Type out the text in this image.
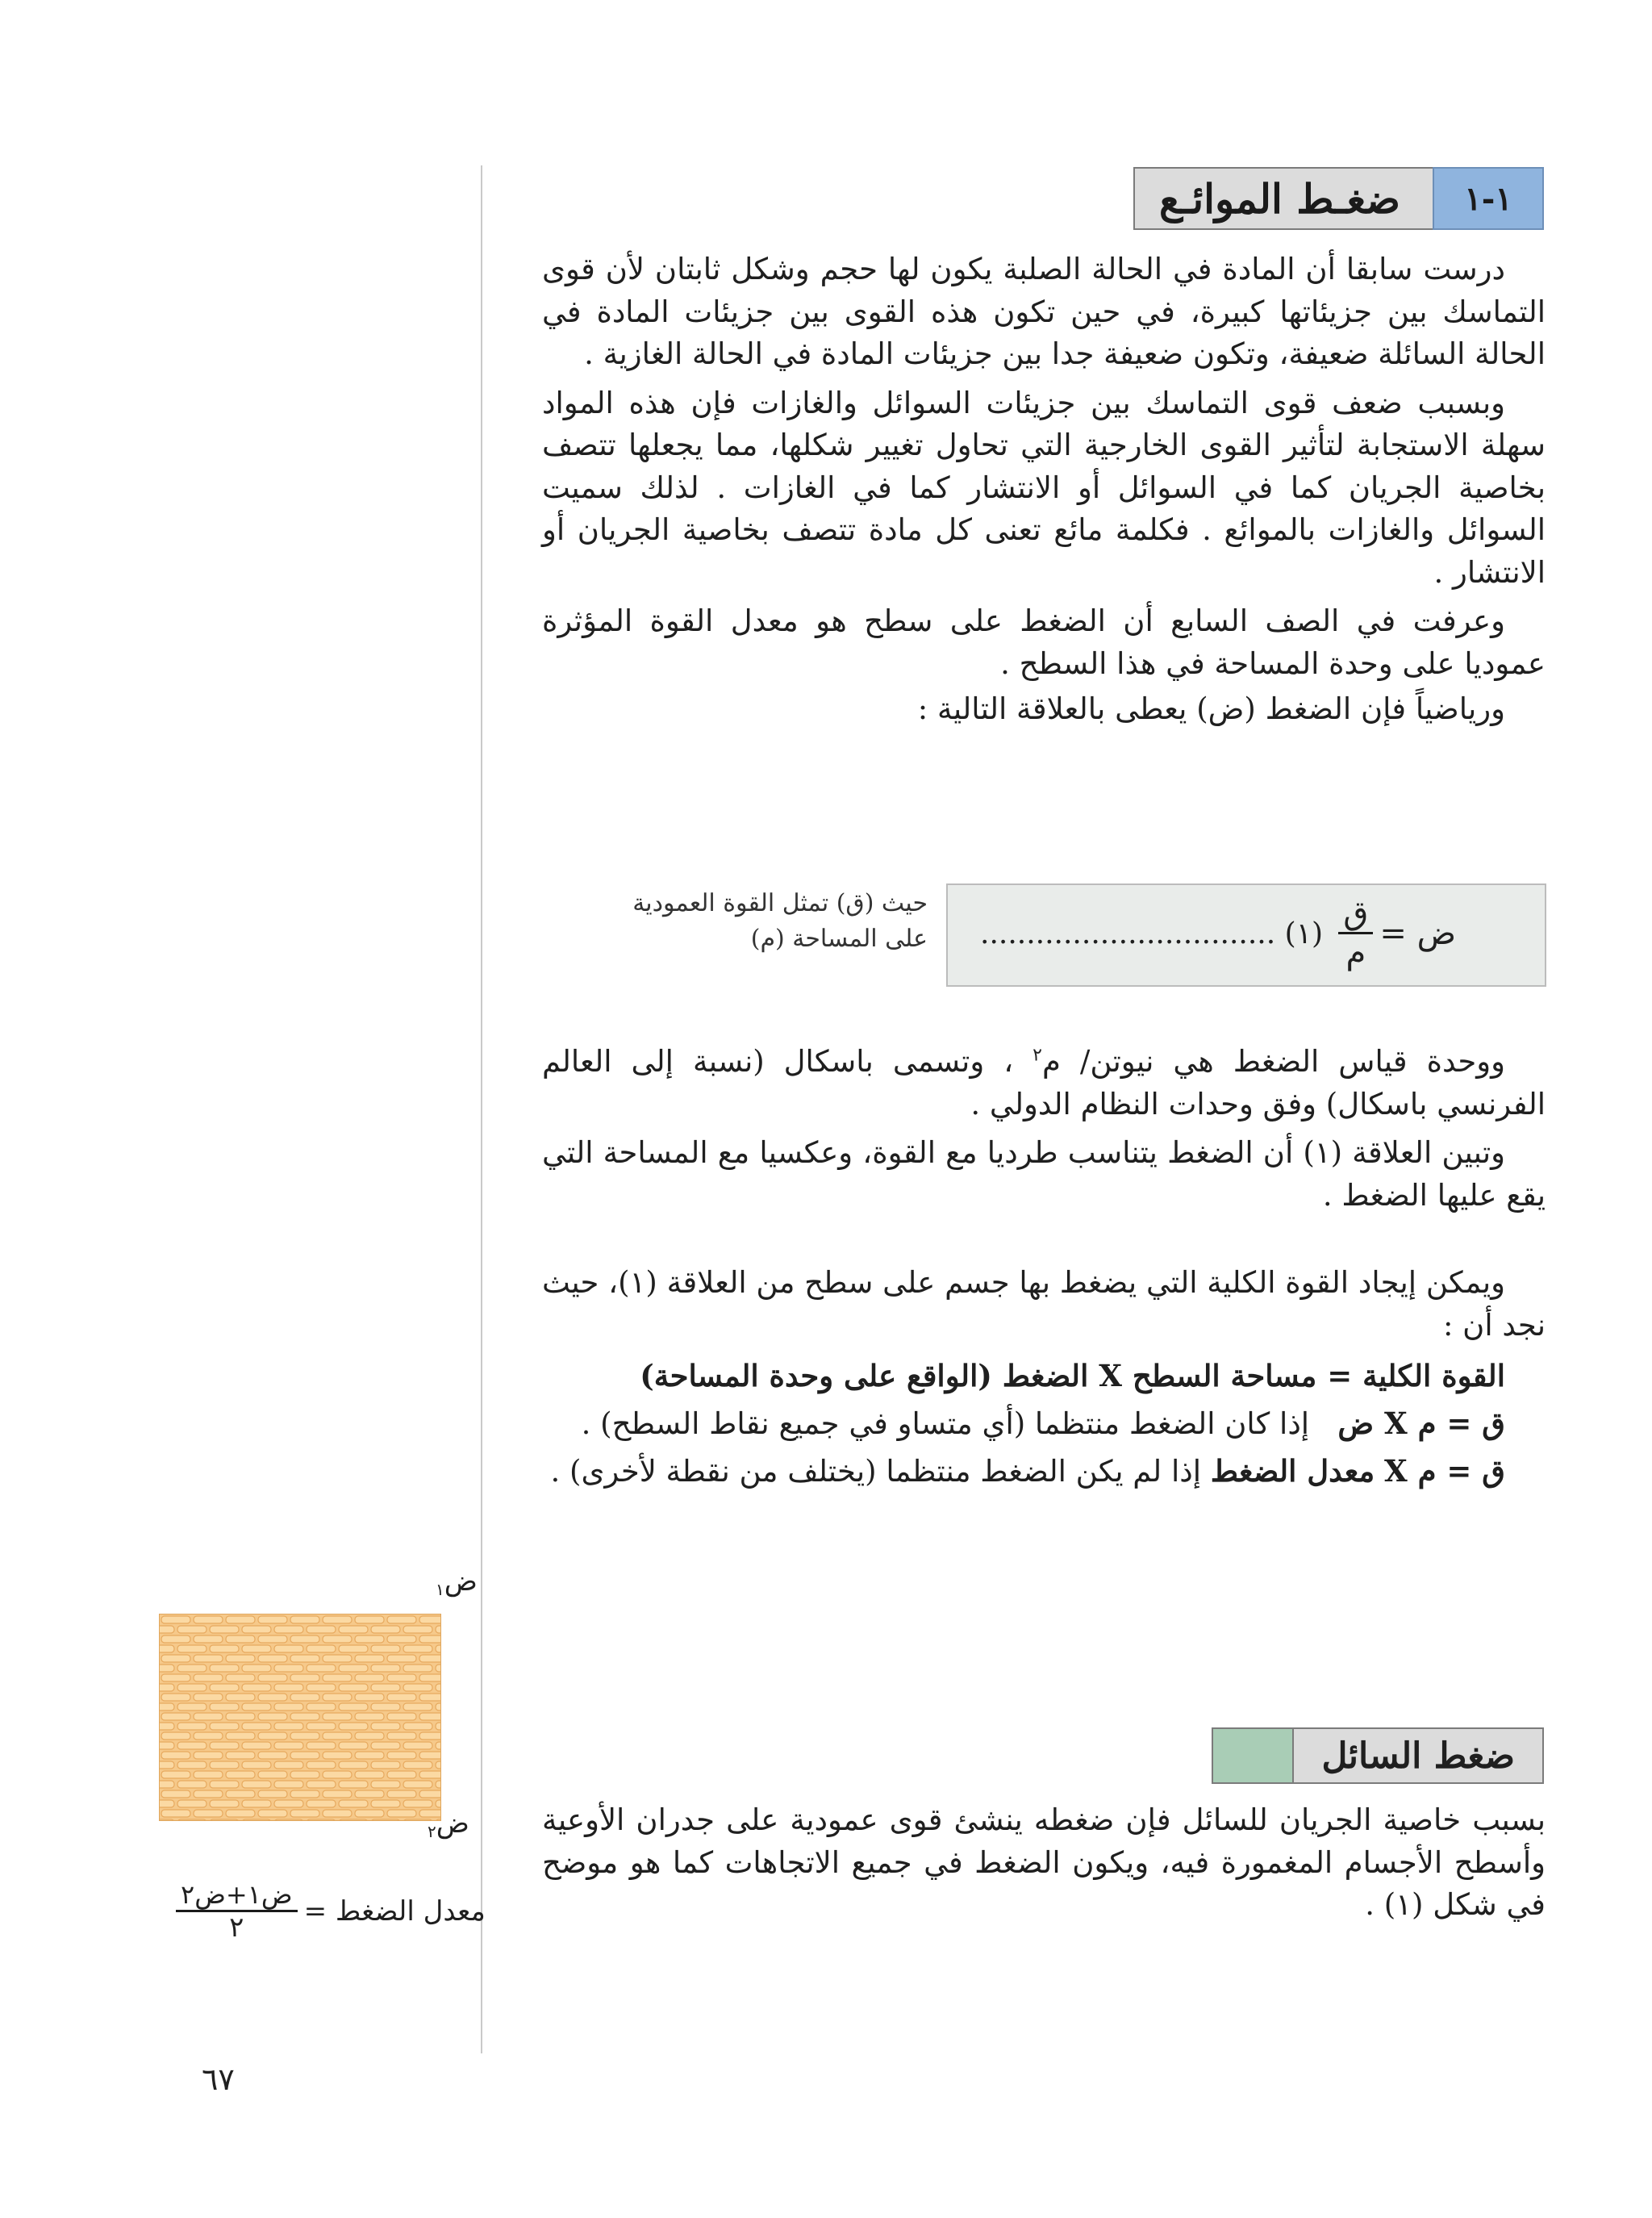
١-١
ضغـط الموائـع

درست سابقا أن المادة في الحالة الصلبة يكون لها حجم وشكل ثابتان لأن قوى التماسك بين جزيئاتها كبيرة، في حين تكون هذه القوى بين جزيئات المادة في الحالة السائلة ضعيفة، وتكون ضعيفة جدا بين جزيئات المادة في الحالة الغازية .

وبسبب ضعف قوى التماسك بين جزيئات السوائل والغازات فإن هذه المواد سهلة الاستجابة لتأثير القوى الخارجية التي تحاول تغيير شكلها، مما يجعلها تتصف بخاصية الجريان كما في السوائل أو الانتشار كما في الغازات . لذلك سميت السوائل والغازات بالموائع . فكلمة مائع تعنى كل مادة تتصف بخاصية الجريان أو الانتشار .

وعرفت في الصف السابع أن الضغط على سطح هو معدل القوة المؤثرة عموديا على وحدة المساحة في هذا السطح .

ورياضياً فإن الضغط (ض) يعطى بالعلاقة التالية :

ض =
$\frac{\text{ق}}{\text{م}}$
(١) ................................
حيث (ق) تمثل القوة العمودية
على المساحة (م)

ووحدة قياس الضغط هي نيوتن/ م$^٢$ ، وتسمى باسكال (نسبة إلى العالم الفرنسي باسكال) وفق وحدات النظام الدولي .

وتبين العلاقة (١) أن الضغط يتناسب طرديا مع القوة، وعكسيا مع المساحة التي يقع عليها الضغط .

ويمكن إيجاد القوة الكلية التي يضغط بها جسم على سطح من العلاقة (١)، حيث نجد أن :

القوة الكلية = مساحة السطح X الضغط (الواقع على وحدة المساحة)

ق = م X ض   إذا كان الضغط منتظما (أي متساو في جميع نقاط السطح) .

ق = م X معدل الضغط إذا لم يكن الضغط منتظما (يختلف من نقطة لأخرى) .

ضغط السائل

بسبب خاصية الجريان للسائل فإن ضغطه ينشئ قوى عمودية على جدران الأوعية وأسطح الأجسام المغمورة فيه، ويكون الضغط في جميع الاتجاهات كما هو موضح في شكل (١) .

ض$_١$
ض$_٢$
معدل الضغط =
$\frac{\text{ض١+ض٢}}{٢}$
٦٧
